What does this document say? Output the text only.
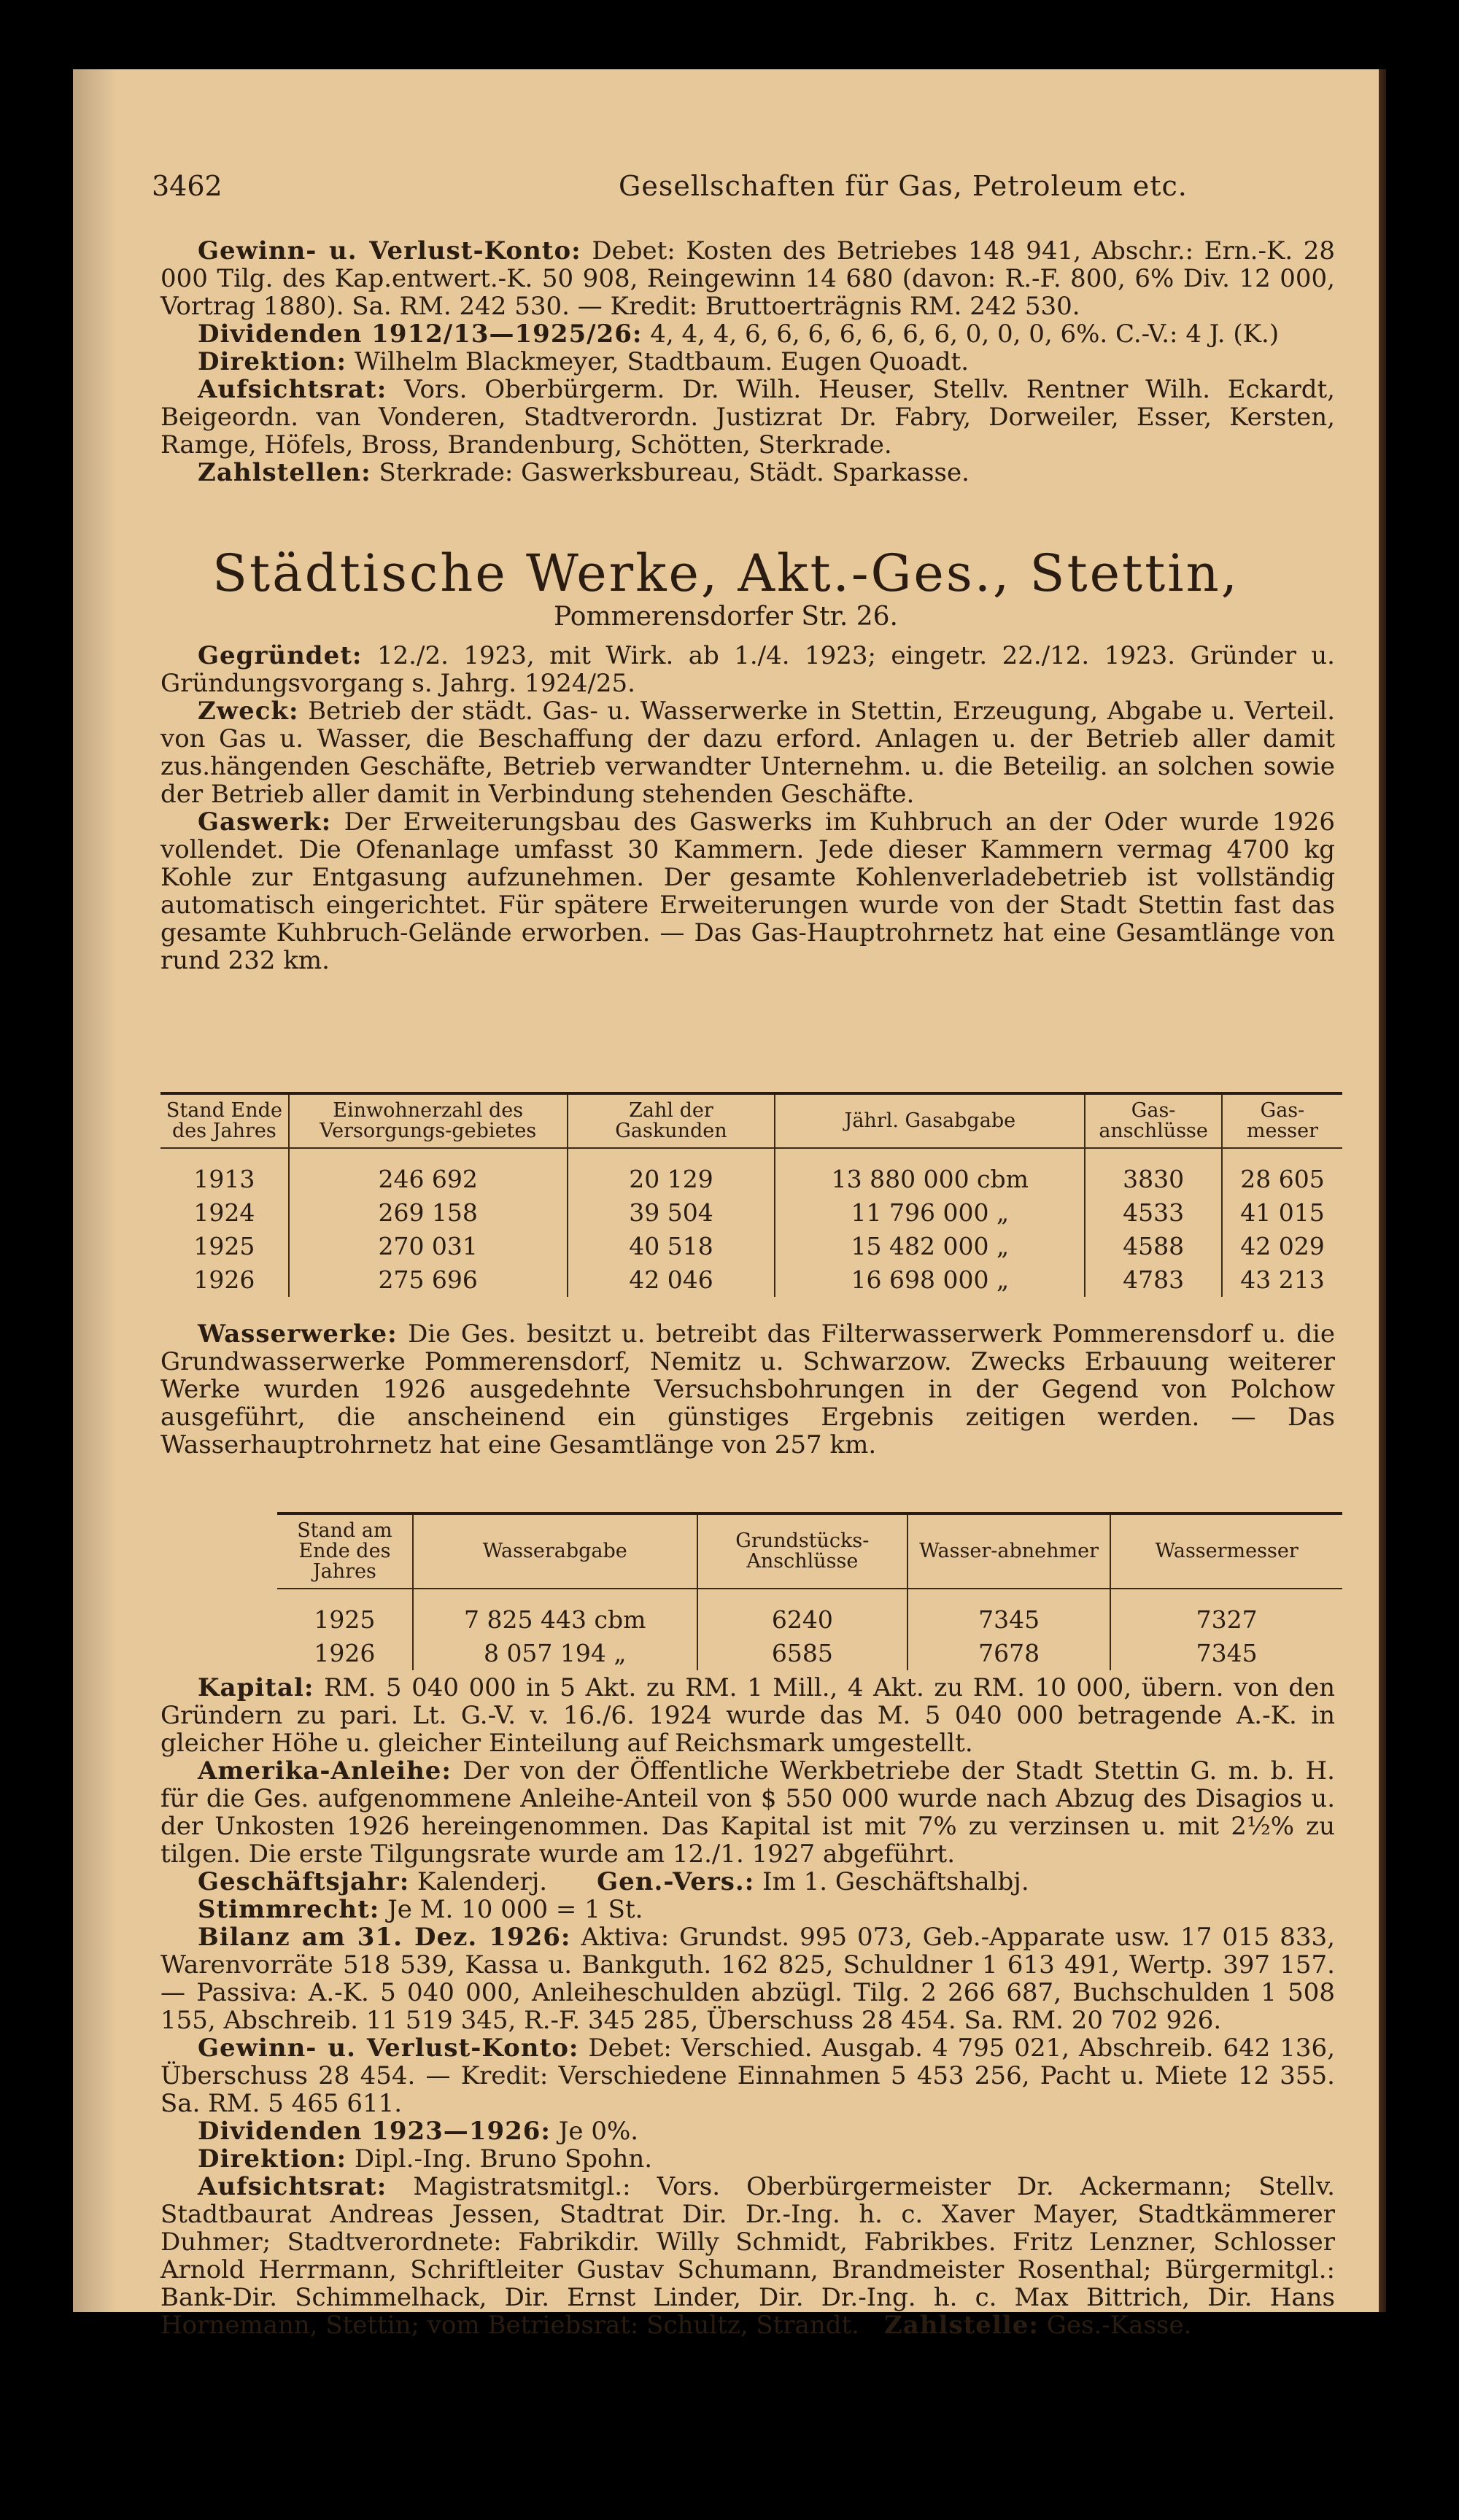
3462	Gesellschaften für Gas, Petroleum etc.
  Gewinn- u. Verlust-Konto: Debet: Kosten des Betriebes 148 941, Abschr.: Ern.-K. 28 000 Tilg. des Kap.entwert.-K. 50 908, Reingewinn 14 680 (davon: R.-F. 800, 6% Div. 12 000, Vortrag 1880). Sa. RM. 242 530. — Kredit: Bruttoerträgnis RM. 242 530.
  Dividenden 1912/13—1925/26: 4, 4, 4, 6, 6, 6, 6, 6, 6, 6, 0, 0, 0, 6%. C.-V.: 4 J. (K.)
  Direktion: Wilhelm Blackmeyer, Stadtbaum. Eugen Quoadt.
  Aufsichtsrat: Vors. Oberbürgerm. Dr. Wilh. Heuser, Stellv. Rentner Wilh. Eckardt, Beigeordn. van Vonderen, Stadtverordn. Justizrat Dr. Fabry, Dorweiler, Esser, Kersten, Ramge, Höfels, Bross, Brandenburg, Schötten, Sterkrade.
  Zahlstellen: Sterkrade: Gaswerksbureau, Städt. Sparkasse.
Städtische Werke, Akt.-Ges., Stettin,
Pommerensdorfer Str. 26.
  Gegründet: 12./2. 1923, mit Wirk. ab 1./4. 1923; eingetr. 22./12. 1923. Gründer u. Gründungsvorgang s. Jahrg. 1924/25.
  Zweck: Betrieb der städt. Gas- u. Wasserwerke in Stettin, Erzeugung, Abgabe u. Verteil. von Gas u. Wasser, die Beschaffung der dazu erford. Anlagen u. der Betrieb aller damit zus.hängenden Geschäfte, Betrieb verwandter Unternehm. u. die Beteilig. an solchen sowie der Betrieb aller damit in Verbindung stehenden Geschäfte.
  Gaswerk: Der Erweiterungsbau des Gaswerks im Kuhbruch an der Oder wurde 1926 vollendet. Die Ofenanlage umfasst 30 Kammern. Jede dieser Kammern vermag 4700 kg Kohle zur Entgasung aufzunehmen. Der gesamte Kohlenverladebetrieb ist vollständig automatisch eingerichtet. Für spätere Erweiterungen wurde von der Stadt Stettin fast das gesamte Kuhbruch-Gelände erworben. — Das Gas-Hauptrohrnetz hat eine Gesamtlänge von rund 232 km.
Stand Ende des Jahres	Einwohnerzahl des Versorgungs-gebietes	Zahl der Gaskunden	Jährl. Gasabgabe	Gas-anschlüsse	Gas-messer
1913	246 692	20 129	13 880 000 cbm	3830	28 605
1924	269 158	39 504	11 796 000 „	4533	41 015
1925	270 031	40 518	15 482 000 „	4588	42 029
1926	275 696	42 046	16 698 000 „	4783	43 213
  Wasserwerke: Die Ges. besitzt u. betreibt das Filterwasserwerk Pommerensdorf u. die Grundwasserwerke Pommerensdorf, Nemitz u. Schwarzow. Zwecks Erbauung weiterer Werke wurden 1926 ausgedehnte Versuchsbohrungen in der Gegend von Polchow ausgeführt, die anscheinend ein günstiges Ergebnis zeitigen werden. — Das Wasserhauptrohrnetz hat eine Gesamtlänge von 257 km.
Stand am Ende des Jahres	Wasserabgabe	Grundstücks-Anschlüsse	Wasser-abnehmer	Wassermesser
1925	7 825 443 cbm	6240	7345	7327
1926	8 057 194 „	6585	7678	7345
  Kapital: RM. 5 040 000 in 5 Akt. zu RM. 1 Mill., 4 Akt. zu RM. 10 000, übern. von den Gründern zu pari. Lt. G.-V. v. 16./6. 1924 wurde das M. 5 040 000 betragende A.-K. in gleicher Höhe u. gleicher Einteilung auf Reichsmark umgestellt.
  Amerika-Anleihe: Der von der Öffentliche Werkbetriebe der Stadt Stettin G. m. b. H. für die Ges. aufgenommene Anleihe-Anteil von $ 550 000 wurde nach Abzug des Disagios u. der Unkosten 1926 hereingenommen. Das Kapital ist mit 7% zu verzinsen u. mit 2½% zu tilgen. Die erste Tilgungsrate wurde am 12./1. 1927 abgeführt.
  Geschäftsjahr: Kalenderj.   Gen.-Vers.: Im 1. Geschäftshalbj.
  Stimmrecht: Je M. 10 000 = 1 St.
  Bilanz am 31. Dez. 1926: Aktiva: Grundst. 995 073, Geb.-Apparate usw. 17 015 833, Warenvorräte 518 539, Kassa u. Bankguth. 162 825, Schuldner 1 613 491, Wertp. 397 157. — Passiva: A.-K. 5 040 000, Anleiheschulden abzügl. Tilg. 2 266 687, Buchschulden 1 508 155, Abschreib. 11 519 345, R.-F. 345 285, Überschuss 28 454. Sa. RM. 20 702 926.
  Gewinn- u. Verlust-Konto: Debet: Verschied. Ausgab. 4 795 021, Abschreib. 642 136, Überschuss 28 454. — Kredit: Verschiedene Einnahmen 5 453 256, Pacht u. Miete 12 355. Sa. RM. 5 465 611.
  Dividenden 1923—1926: Je 0%.
  Direktion: Dipl.-Ing. Bruno Spohn.
  Aufsichtsrat: Magistratsmitgl.: Vors. Oberbürgermeister Dr. Ackermann; Stellv. Stadtbaurat Andreas Jessen, Stadtrat Dir. Dr.-Ing. h. c. Xaver Mayer, Stadtkämmerer Duhmer; Stadtverordnete: Fabrikdir. Willy Schmidt, Fabrikbes. Fritz Lenzner, Schlosser Arnold Herrmann, Schriftleiter Gustav Schumann, Brandmeister Rosenthal; Bürgermitgl.: Bank-Dir. Schimmelhack, Dir. Ernst Linder, Dir. Dr.-Ing. h. c. Max Bittrich, Dir. Hans Hornemann, Stettin; vom Betriebsrat: Schultz, Strandt.  Zahlstelle: Ges.-Kasse.
